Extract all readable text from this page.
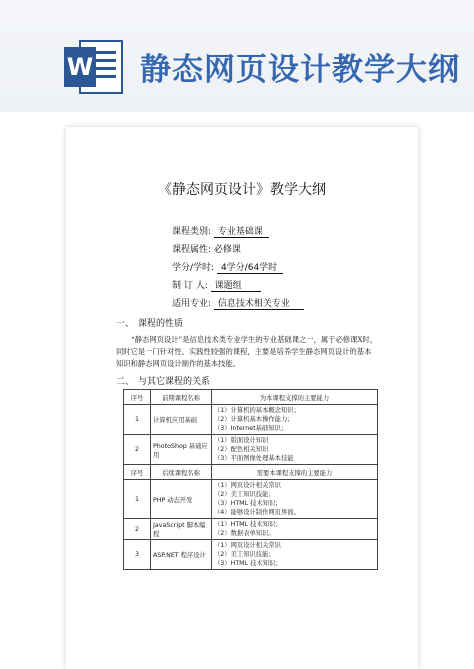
W 静态网页设计教学大纲
《静态网页设计》教学大纲
课程类别: 专业基础课
课程属性: 必修课
学分/学时: 4学分/64学时
制 订 人: 课题组
适用专业: 信息技术相关专业
一、 课程的性质
“静态网页设计”是信息技术类专业学生的专业基础课之一，属于必修课X时，同时它是一门针对性、实践性较强的课程，主要是培养学生静态网页设计的基本知识和静态网页设计制作的基本技能。
二、 与其它课程的关系
序号	前期课程名称	为本课程支撑的主要能力
1	计算机应用基础	（1）计算机的基本概念知识；
（2）计算机基本操作能力；
（3）Internet基础知识；

2	PhotoShop 基础应用	（1）版面设计知识
（2）配色相关知识
（3）平面图像处理基本技能

序号	后续课程名称	需要本课程支撑的主要能力
1	PHP 动态开发	（1）网页设计相关常识
（2）美工知识技能；
（3）HTML 技术知识；
（4）能够设计制作网页界面。

2	JavaScript 脚本编程	（1）HTML 技术知识；
（2）数据表单知识。

3	ASP.NET 程序设计	（1）网页设计相关常识
（2）美工知识技能；
（3）HTML 技术知识；
